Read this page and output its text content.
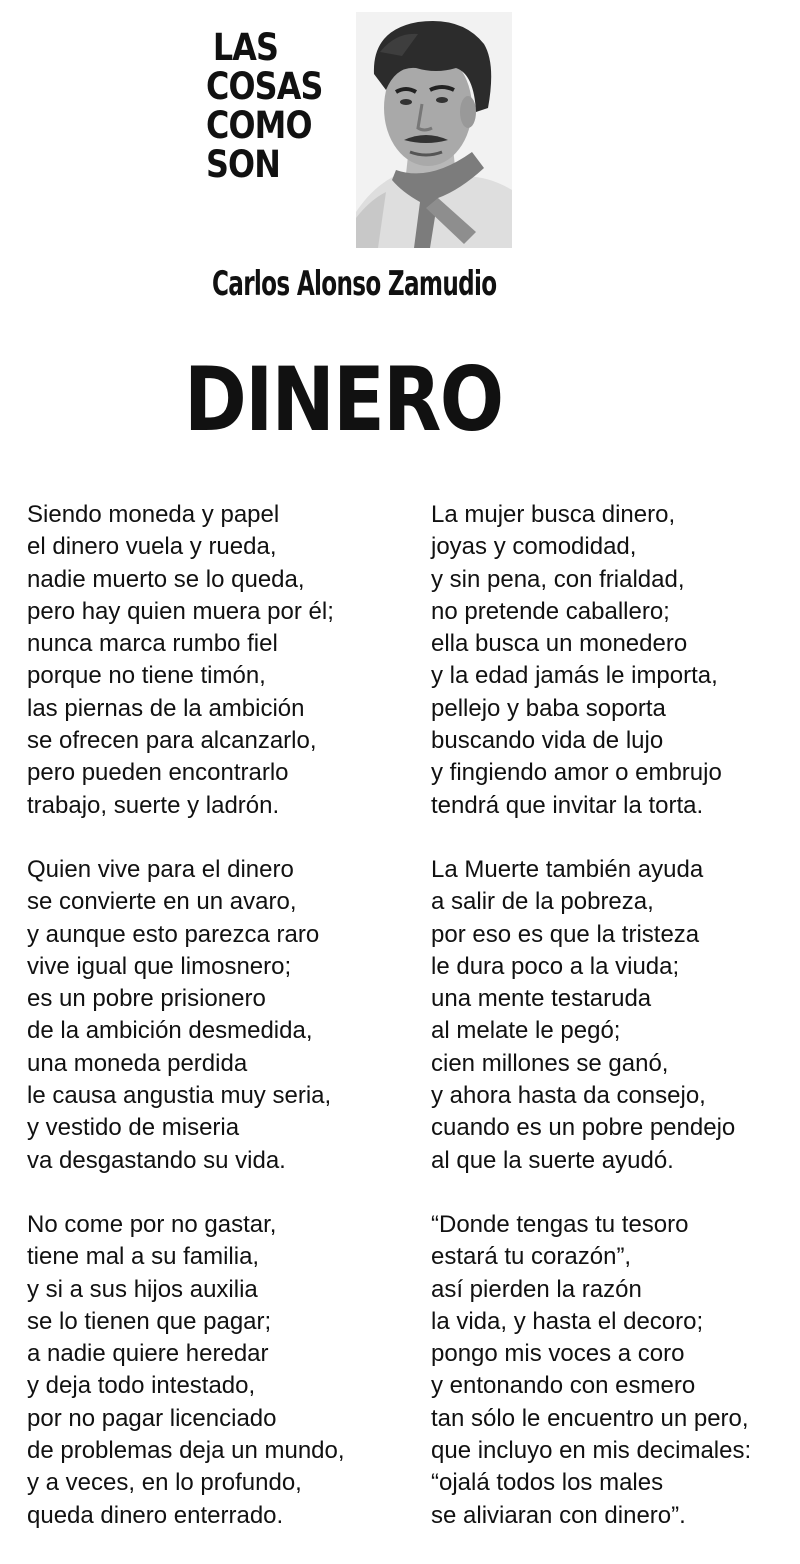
LAS
COSAS
COMO
SON
Carlos Alonso Zamudio
DINERO
Siendo moneda y papel
el dinero vuela y rueda,
nadie muerto se lo queda,
pero hay quien muera por él;
nunca marca rumbo fiel
porque no tiene timón,
las piernas de la ambición
se ofrecen para alcanzarlo,
pero pueden encontrarlo
trabajo, suerte y ladrón.
Quien vive para el dinero
se convierte en un avaro,
y aunque esto parezca raro
vive igual que limosnero;
es un pobre prisionero
de la ambición desmedida,
una moneda perdida
le causa angustia muy seria,
y vestido de miseria
va desgastando su vida.
No come por no gastar,
tiene mal a su familia,
y si a sus hijos auxilia
se lo tienen que pagar;
a nadie quiere heredar
y deja todo intestado,
por no pagar licenciado
de problemas deja un mundo,
y a veces, en lo profundo,
queda dinero enterrado.
La mujer busca dinero,
joyas y comodidad,
y sin pena, con frialdad,
no pretende caballero;
ella busca un monedero
y la edad jamás le importa,
pellejo y baba soporta
buscando vida de lujo
y fingiendo amor o embrujo
tendrá que invitar la torta.
La Muerte también ayuda
a salir de la pobreza,
por eso es que la tristeza
le dura poco a la viuda;
una mente testaruda
al melate le pegó;
cien millones se ganó,
y ahora hasta da consejo,
cuando es un pobre pendejo
al que la suerte ayudó.
“Donde tengas tu tesoro
estará tu corazón”,
así pierden la razón
la vida, y hasta el decoro;
pongo mis voces a coro
y entonando con esmero
tan sólo le encuentro un pero,
que incluyo en mis decimales:
“ojalá todos los males
se aliviaran con dinero”.
